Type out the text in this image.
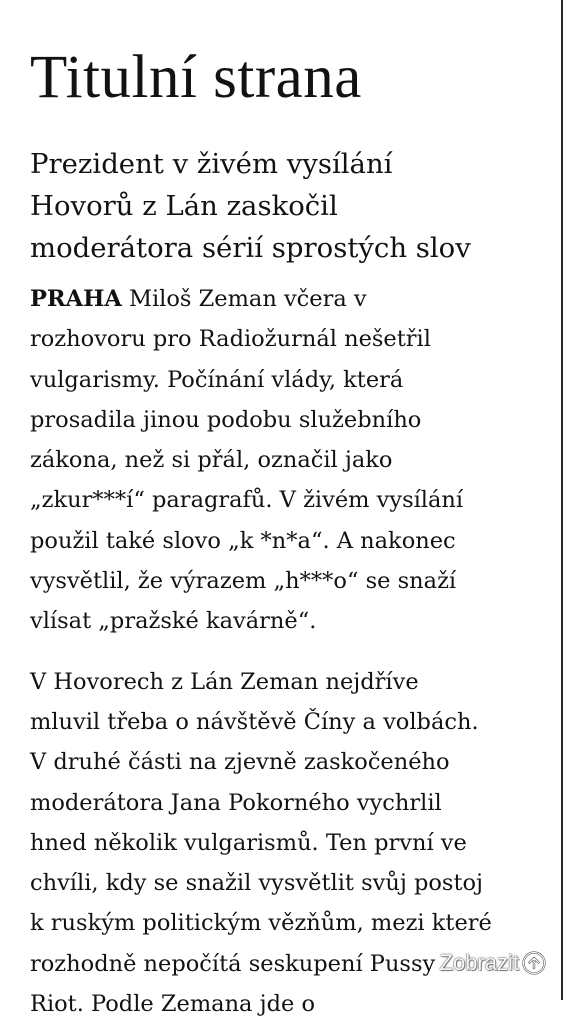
Titulní strana
Prezident v živém vysílání
Hovorů z Lán zaskočil
moderátora sérií sprostých slov

PRAHA Miloš Zeman včera v
rozhovoru pro Radiožurnál nešetřil
vulgarismy. Počínání vlády, která
prosadila jinou podobu služebního
zákona, než si přál, označil jako
„zkur***í“ paragrafů. V živém vysílání
použil také slovo „k *n*a“. A nakonec
vysvětlil, že výrazem „h***o“ se snaží
vlísat „pražské kavárně“.

V Hovorech z Lán Zeman nejdříve
mluvil třeba o návštěvě Číny a volbách.
V druhé části na zjevně zaskočeného
moderátora Jana Pokorného vychrlil
hned několik vulgarismů. Ten první ve
chvíli, kdy se snažil vysvětlit svůj postoj
k ruským politickým vězňům, mezi které
rozhodně nepočítá seskupení Pussy
Riot. Podle Zemana jde o

Zobrazit
